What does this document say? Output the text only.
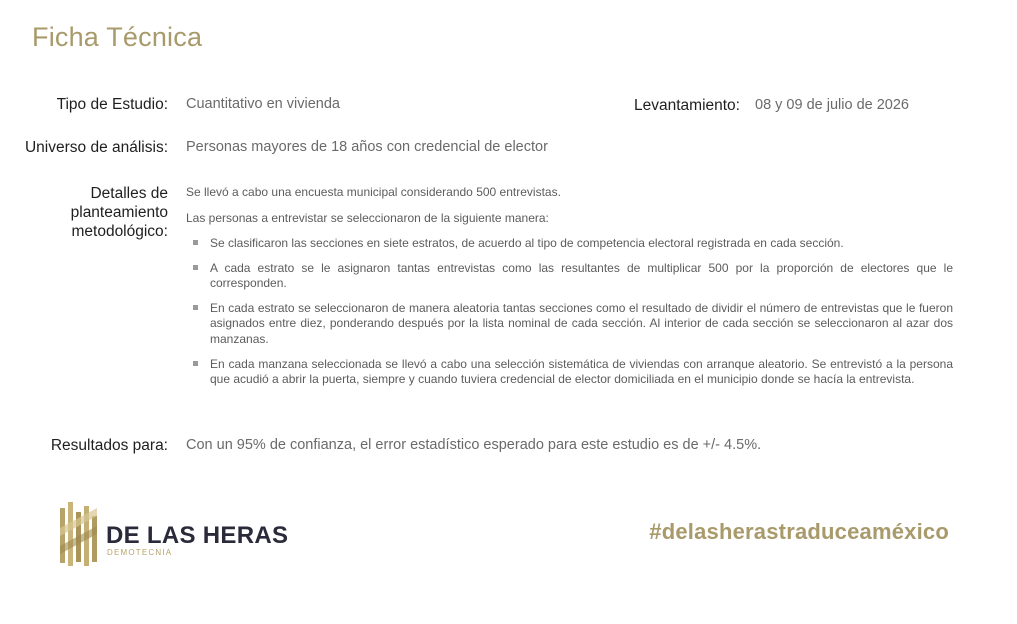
Ficha Técnica
Tipo de Estudio: Cuantitativo en vivienda	Levantamiento: 08 y 09 de julio de 2026
Universo de análisis: Personas mayores de 18 años con credencial de elector
Detalles de
planteamiento
metodológico:
Se llevó a cabo una encuesta municipal considerando 500 entrevistas.
Las personas a entrevistar se seleccionaron de la siguiente manera:
Se clasificaron las secciones en siete estratos, de acuerdo al tipo de competencia electoral registrada en cada sección.
A cada estrato se le asignaron tantas entrevistas como las resultantes de multiplicar 500 por la proporción de electores que le corresponden.
En cada estrato se seleccionaron de manera aleatoria tantas secciones como el resultado de dividir el número de entrevistas que le fueron asignados entre diez, ponderando después por la lista nominal de cada sección. Al interior de cada sección se seleccionaron al azar dos manzanas.
En cada manzana seleccionada se llevó a cabo una selección sistemática de viviendas con arranque aleatorio. Se entrevistó a la persona que acudió a abrir la puerta, siempre y cuando tuviera credencial de elector domiciliada en el municipio donde se hacía la entrevista.
Resultados para: Con un 95% de confianza, el error estadístico esperado para este estudio es de +/- 4.5%.
DE LAS HERAS
DEMOTECNIA
#delasherastraduceaméxico
